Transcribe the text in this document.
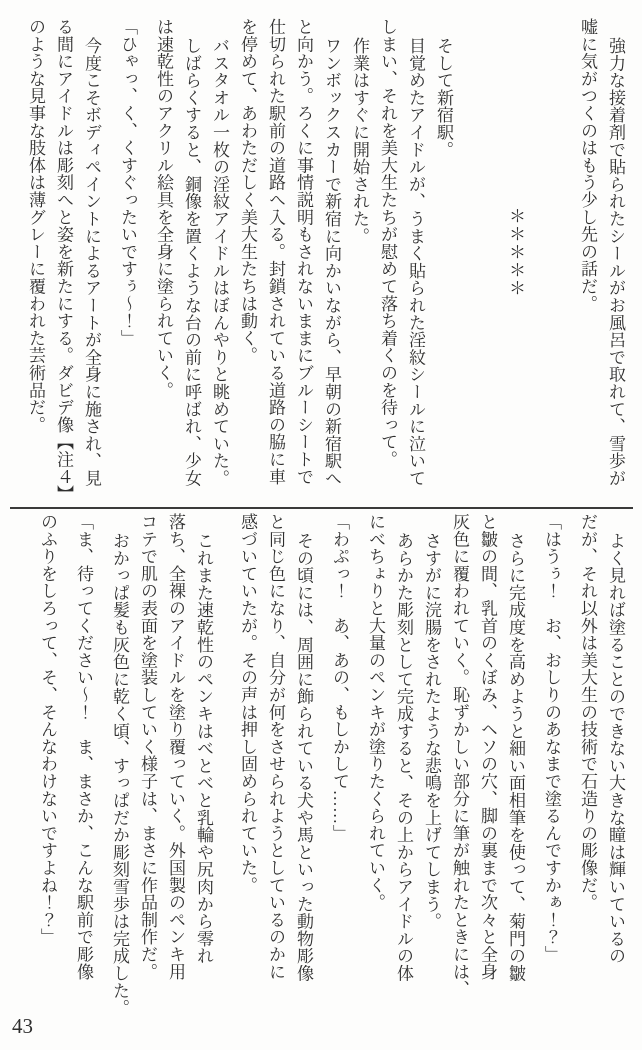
強力な接着剤で貼られたシールがお風呂で取れて、雪歩が
嘘に気がつくのはもう少し先の話だ。
＊＊＊＊＊
そして新宿駅。
目覚めたアイドルが、うまく貼られた淫紋シールに泣いて
しまい、それを美大生たちが慰めて落ち着くのを待って。
作業はすぐに開始された。
ワンボックスカーで新宿に向かいながら、早朝の新宿駅へ
と向かう。ろくに事情説明もされないままにブルーシートで
仕切られた駅前の道路へ入る。封鎖されている道路の脇に車
を停めて、あわただしく美大生たちは動く。
バスタオル一枚の淫紋アイドルはぼんやりと眺めていた。
しばらくすると、銅像を置くような台の前に呼ばれ、少女
は速乾性のアクリル絵具を全身に塗られていく。
「ひゃっ、く、くすぐったいですぅ～！」
今度こそボディペイントによるアートが全身に施され、見
る間にアイドルは彫刻へと姿を新たにする。ダビデ像【注４】
のような見事な肢体は薄グレーに覆われた芸術品だ。
よく見れば塗ることのできない大きな瞳は輝いているの
だが、それ以外は美大生の技術で石造りの彫像だ。
「はうぅ！　お、おしりのあなまで塗るんですかぁ！？」
さらに完成度を高めようと細い面相筆を使って、菊門の皺
と皺の間、乳首のくぼみ、ヘソの穴、脚の裏まで次々と全身
灰色に覆われていく。恥ずかしい部分に筆が触れたときには、
さすがに浣腸をされたような悲鳴を上げてしまう。
あらかた彫刻として完成すると、その上からアイドルの体
にべちょりと大量のペンキが塗りたくられていく。
「わぷっ！　あ、あの、もしかして……」
その頃には、周囲に飾られている犬や馬といった動物彫像
と同じ色になり、自分が何をさせられようとしているのかに
感づいていたが。その声は押し固められていた。
これまた速乾性のペンキはべとべと乳輪や尻肉から零れ
落ち、全裸のアイドルを塗り覆っていく。外国製のペンキ用
コテで肌の表面を塗装していく様子は、まさに作品制作だ。
おかっぱ髪も灰色に乾く頃、すっぱだか彫刻雪歩は完成した。
「ま、待ってください～！　ま、まさか、こんな駅前で彫像
のふりをしろって、そ、そんなわけないですよね！？」
43
